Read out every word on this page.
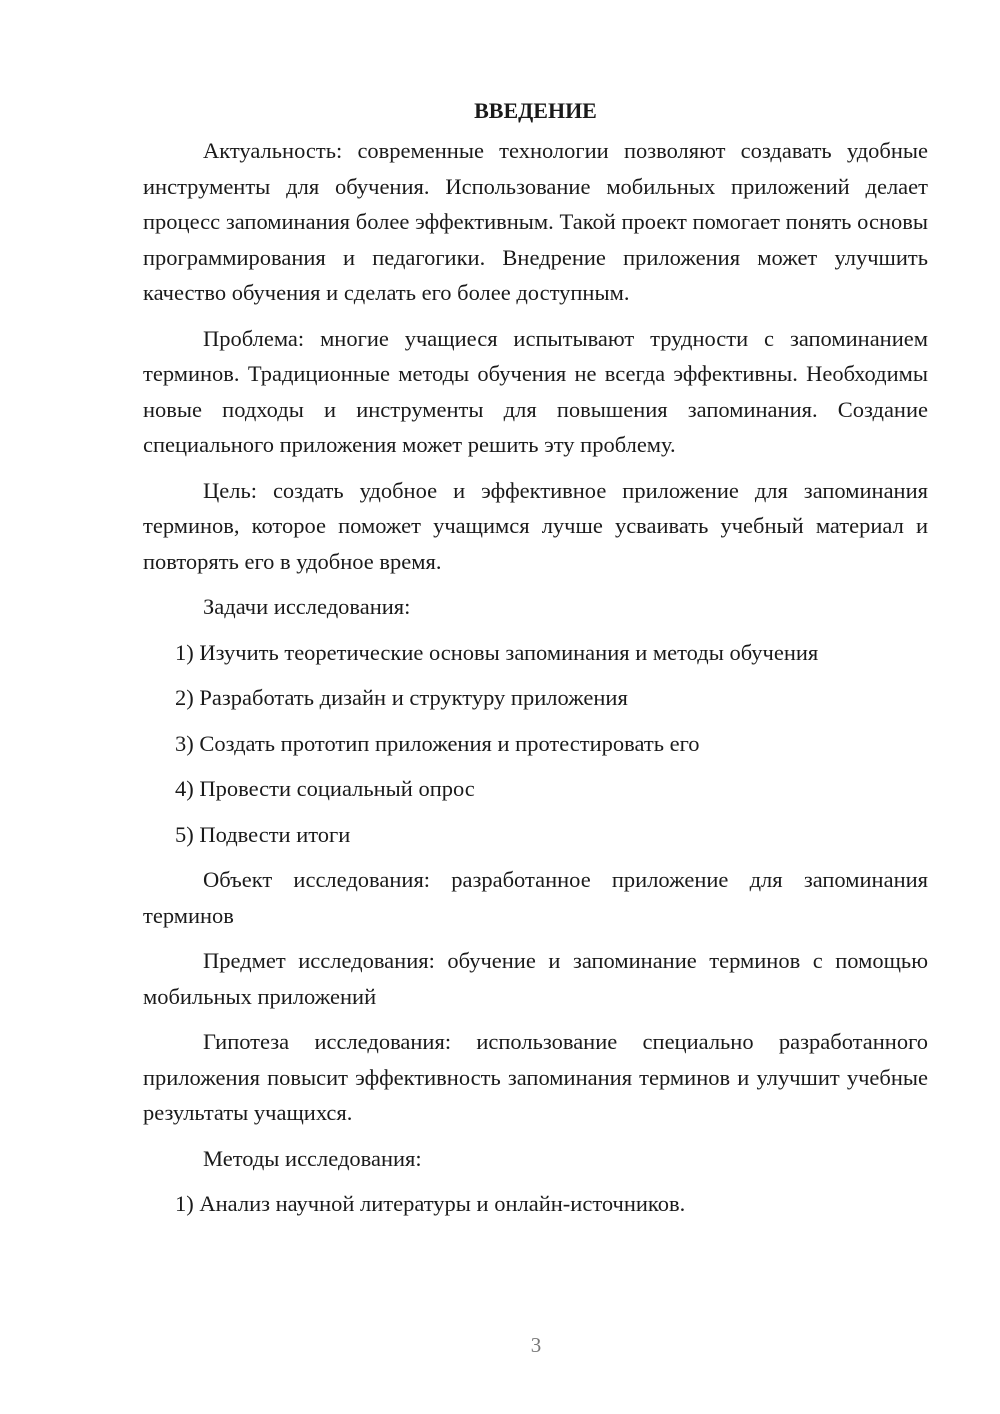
ВВЕДЕНИЕ

Актуальность: современные технологии позволяют создавать удобные инструменты для обучения. Использование мобильных приложений делает процесс запоминания более эффективным. Такой проект помогает понять основы программирования и педагогики. Внедрение приложения может улучшить качество обучения и сделать его более доступным.

Проблема: многие учащиеся испытывают трудности с запоминанием терминов. Традиционные методы обучения не всегда эффективны. Необходимы новые подходы и инструменты для повышения запоминания. Создание специального приложения может решить эту проблему.

Цель: создать удобное и эффективное приложение для запоминания терминов, которое поможет учащимся лучше усваивать учебный материал и повторять его в удобное время.

Задачи исследования:

1) Изучить теоретические основы запоминания и методы обучения
2) Разработать дизайн и структуру приложения
3) Создать прототип приложения и протестировать его
4) Провести социальный опрос
5) Подвести итоги

Объект исследования: разработанное приложение для запоминания терминов

Предмет исследования: обучение и запоминание терминов с помощью мобильных приложений

Гипотеза исследования: использование специально разработанного приложения повысит эффективность запоминания терминов и улучшит учебные результаты учащихся.

Методы исследования:

1) Анализ научной литературы и онлайн-источников.
3
